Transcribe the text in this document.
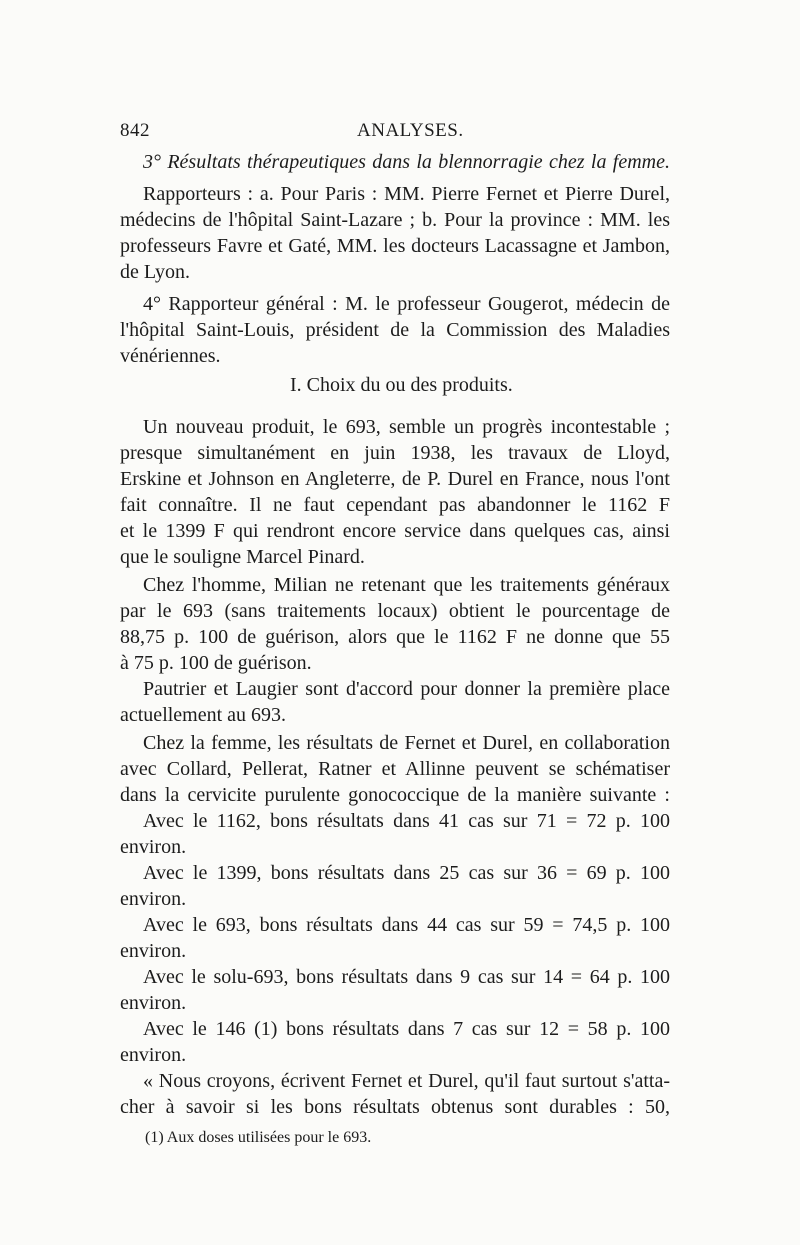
842	ANALYSES.
3° Résultats thérapeutiques dans la blennorragie chez la femme.
Rapporteurs : a. Pour Paris : MM. Pierre Fernet et Pierre Durel,
médecins de l'hôpital Saint-Lazare ; b. Pour la province : MM. les
professeurs Favre et Gaté, MM. les docteurs Lacassagne et Jambon,
de Lyon.
4° Rapporteur général : M. le professeur Gougerot, médecin de
l'hôpital Saint-Louis, président de la Commission des Maladies
vénériennes.
I. Choix du ou des produits.
Un nouveau produit, le 693, semble un progrès incontestable ;
presque simultanément en juin 1938, les travaux de Lloyd,
Erskine et Johnson en Angleterre, de P. Durel en France, nous l'ont
fait connaître. Il ne faut cependant pas abandonner le 1162 F
et le 1399 F qui rendront encore service dans quelques cas, ainsi
que le soulignе Marcel Pinard.
Chez l'homme, Milian ne retenant que les traitements généraux
par le 693 (sans traitements locaux) obtient le pourcentage de
88,75 p. 100 de guérison, alors que le 1162 F ne donne que 55
à 75 p. 100 de guérison.
Pautrier et Laugier sont d'accord pour donner la première place
actuellement au 693.
Chez la femme, les résultats de Fernet et Durel, en collaboration
avec Collard, Pellerat, Ratner et Allinne peuvent se schématiser
dans la cervicite purulente gonococcique de la manière suivante :
Avec le 1162, bons résultats dans 41 cas sur 71 = 72 p. 100
environ.
Avec le 1399, bons résultats dans 25 cas sur 36 = 69 p. 100
environ.
Avec le 693, bons résultats dans 44 cas sur 59 = 74,5 p. 100
environ.
Avec le solu-693, bons résultats dans 9 cas sur 14 = 64 p. 100
environ.
Avec le 146 (1) bons résultats dans 7 cas sur 12 = 58 p. 100
environ.
« Nous croyons, écrivent Fernet et Durel, qu'il faut surtout s'atta-
cher à savoir si les bons résultats obtenus sont durables : 50,
(1) Aux doses utilisées pour le 693.
